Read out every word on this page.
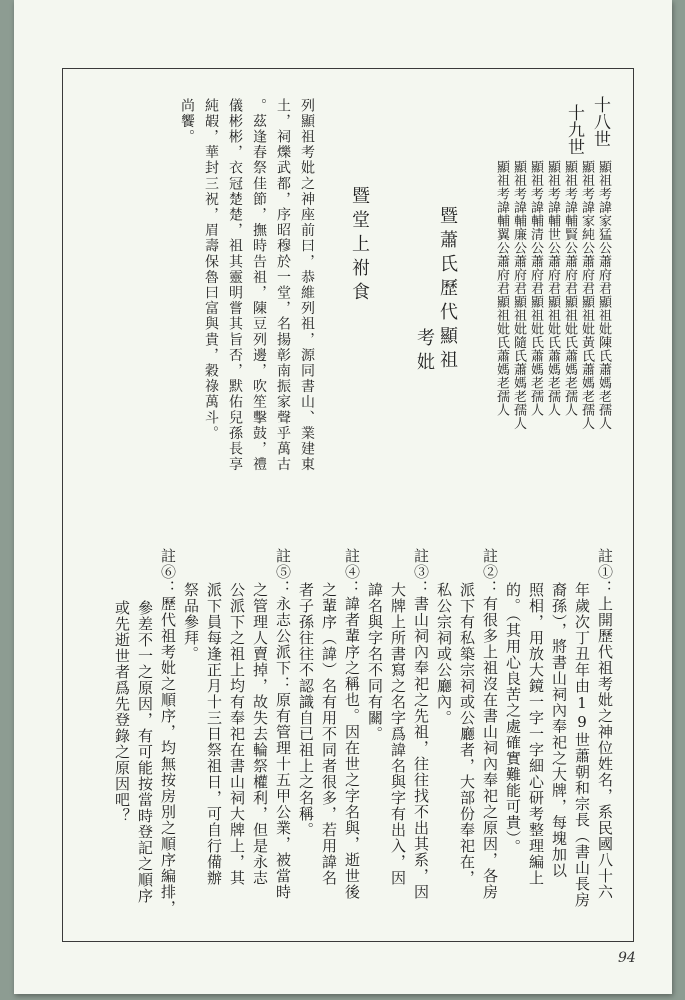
十八世
十九世
顯祖考諱家猛公蕭府君顯祖妣陳氏蕭媽老孺人
顯祖考諱家純公蕭府君顯祖妣黃氏蕭媽老孺人
顯祖考諱輔賢公蕭府君顯祖妣氏蕭媽老孺人
顯祖考諱輔世公蕭府君顯祖妣氏蕭媽老孺人
顯祖考諱輔清公蕭府君顯祖妣氏蕭媽老孺人
顯祖考諱輔廉公蕭府君顯祖妣隨氏蕭媽老孺人
顯祖考諱輔翼公蕭府君顯祖妣氏蕭媽老孺人
暨蕭氏歷代顯祖
考妣
暨堂上祔食
列顯祖考妣之神座前曰，恭維列祖，源同書山、業建東
土，祠爍武都，序昭穆於一堂，名揚彰南振家聲乎萬古
。茲逢春祭佳節，撫時告祖，陳豆列邊，吹笙擊鼓，禮
儀彬彬，衣冠楚楚，祖其靈明嘗其旨否，默佑兒孫長享
純嘏，華封三祝，眉壽保魯曰富與貴，穀祿萬斗。
尚饗。
註①：上開歷代祖考妣之神位姓名，系民國八十六
年歲次丁丑年由19世蕭朝和宗長（書山長房
裔孫），將書山祠內奉祀之大牌，每塊加以
照相，用放大鏡一字一字細心研考整理編上
的。（其用心良苦之處確實難能可貴）。
註②：有很多上祖沒在書山祠內奉祀之原因，各房
派下有私築宗祠或公廳者，大部份奉祀在，
私公宗祠或公廳內。
註③：書山祠內奉祀之先祖，往往找不出其系，因
大牌上所書寫之名字爲諱名與字有出入，因
諱名與字名不同有關。
註④：諱者輩序之稱也。因在世之字名與，逝世後
之輩序（諱）名有用不同者很多，若用諱名
者子孫往往不認識自已祖上之名稱。
註⑤：永志公派下：原有管理十五甲公業，被當時
之管理人賣掉，故失去輪祭權利，但是永志
公派下之祖上均有奉祀在書山祠大牌上，其
派下員每逢正月十三日祭祖日，可自行備辦
祭品參拜。
註⑥：歷代祖考妣之順序，均無按房別之順序編排，
參差不一之原因，有可能按當時登記之順序
或先逝世者爲先登錄之原因吧？
94
